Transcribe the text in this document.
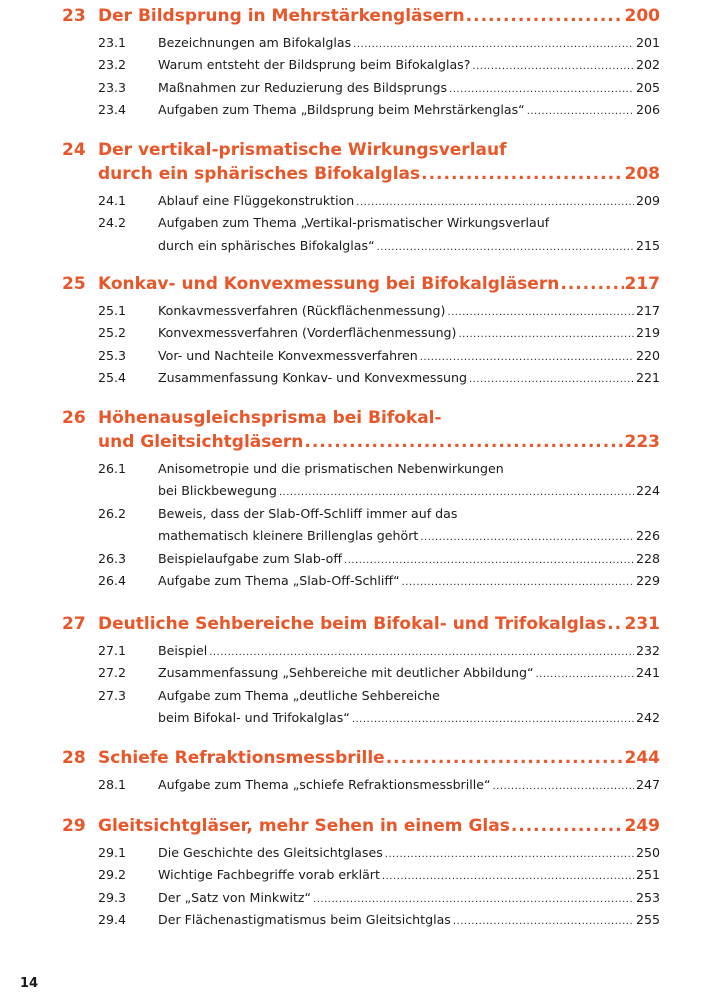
23 Der Bildsprung in Mehrstärkengläsern .....	200
23.1	Bezeichnungen am Bifokalglas .....	201
23.2	Warum entsteht der Bildsprung beim Bifokalglas? .....	202
23.3	Maßnahmen zur Reduzierung des Bildsprungs .....	205
23.4	Aufgaben zum Thema „Bildsprung beim Mehrstärkenglas“ .....	206
24 Der vertikal-prismatische Wirkungsverlauf
durch ein sphärisches Bifokalglas .....	208
24.1	Ablauf eine Flüggekonstruktion .....	209
24.2	Aufgaben zum Thema „Vertikal-prismatischer Wirkungsverlauf
durch ein sphärisches Bifokalglas“ .....	215
25 Konkav- und Konvexmessung bei Bifokalgläsern .....	217
25.1	Konkavmessverfahren (Rückflächenmessung) .....	217
25.2	Konvexmessverfahren (Vorderflächenmessung) .....	219
25.3	Vor- und Nachteile Konvexmessverfahren .....	220
25.4	Zusammenfassung Konkav- und Konvexmessung .....	221
26 Höhenausgleichsprisma bei Bifokal-
und Gleitsichtgläsern .....	223
26.1	Anisometropie und die prismatischen Nebenwirkungen
bei Blickbewegung .....	224
26.2	Beweis, dass der Slab-Off-Schliff immer auf das
mathematisch kleinere Brillenglas gehört .....	226
26.3	Beispielaufgabe zum Slab-off .....	228
26.4	Aufgabe zum Thema „Slab-Off-Schliff“ .....	229
27 Deutliche Sehbereiche beim Bifokal- und Trifokalglas ..... 231
27.1	Beispiel .....	232
27.2	Zusammenfassung „Sehbereiche mit deutlicher Abbildung“ .....	241
27.3	Aufgabe zum Thema „deutliche Sehbereiche
beim Bifokal- und Trifokalglas“ .....	242
28 Schiefe Refraktionsmessbrille .....	244
28.1	Aufgabe zum Thema „schiefe Refraktionsmessbrille“ .....	247
29 Gleitsichtgläser, mehr Sehen in einem Glas .....	249
29.1	Die Geschichte des Gleitsichtglases .....	250
29.2	Wichtige Fachbegriffe vorab erklärt .....	251
29.3	Der „Satz von Minkwitz“ .....	253
29.4	Der Flächenastigmatismus beim Gleitsichtglas .....	255
14
